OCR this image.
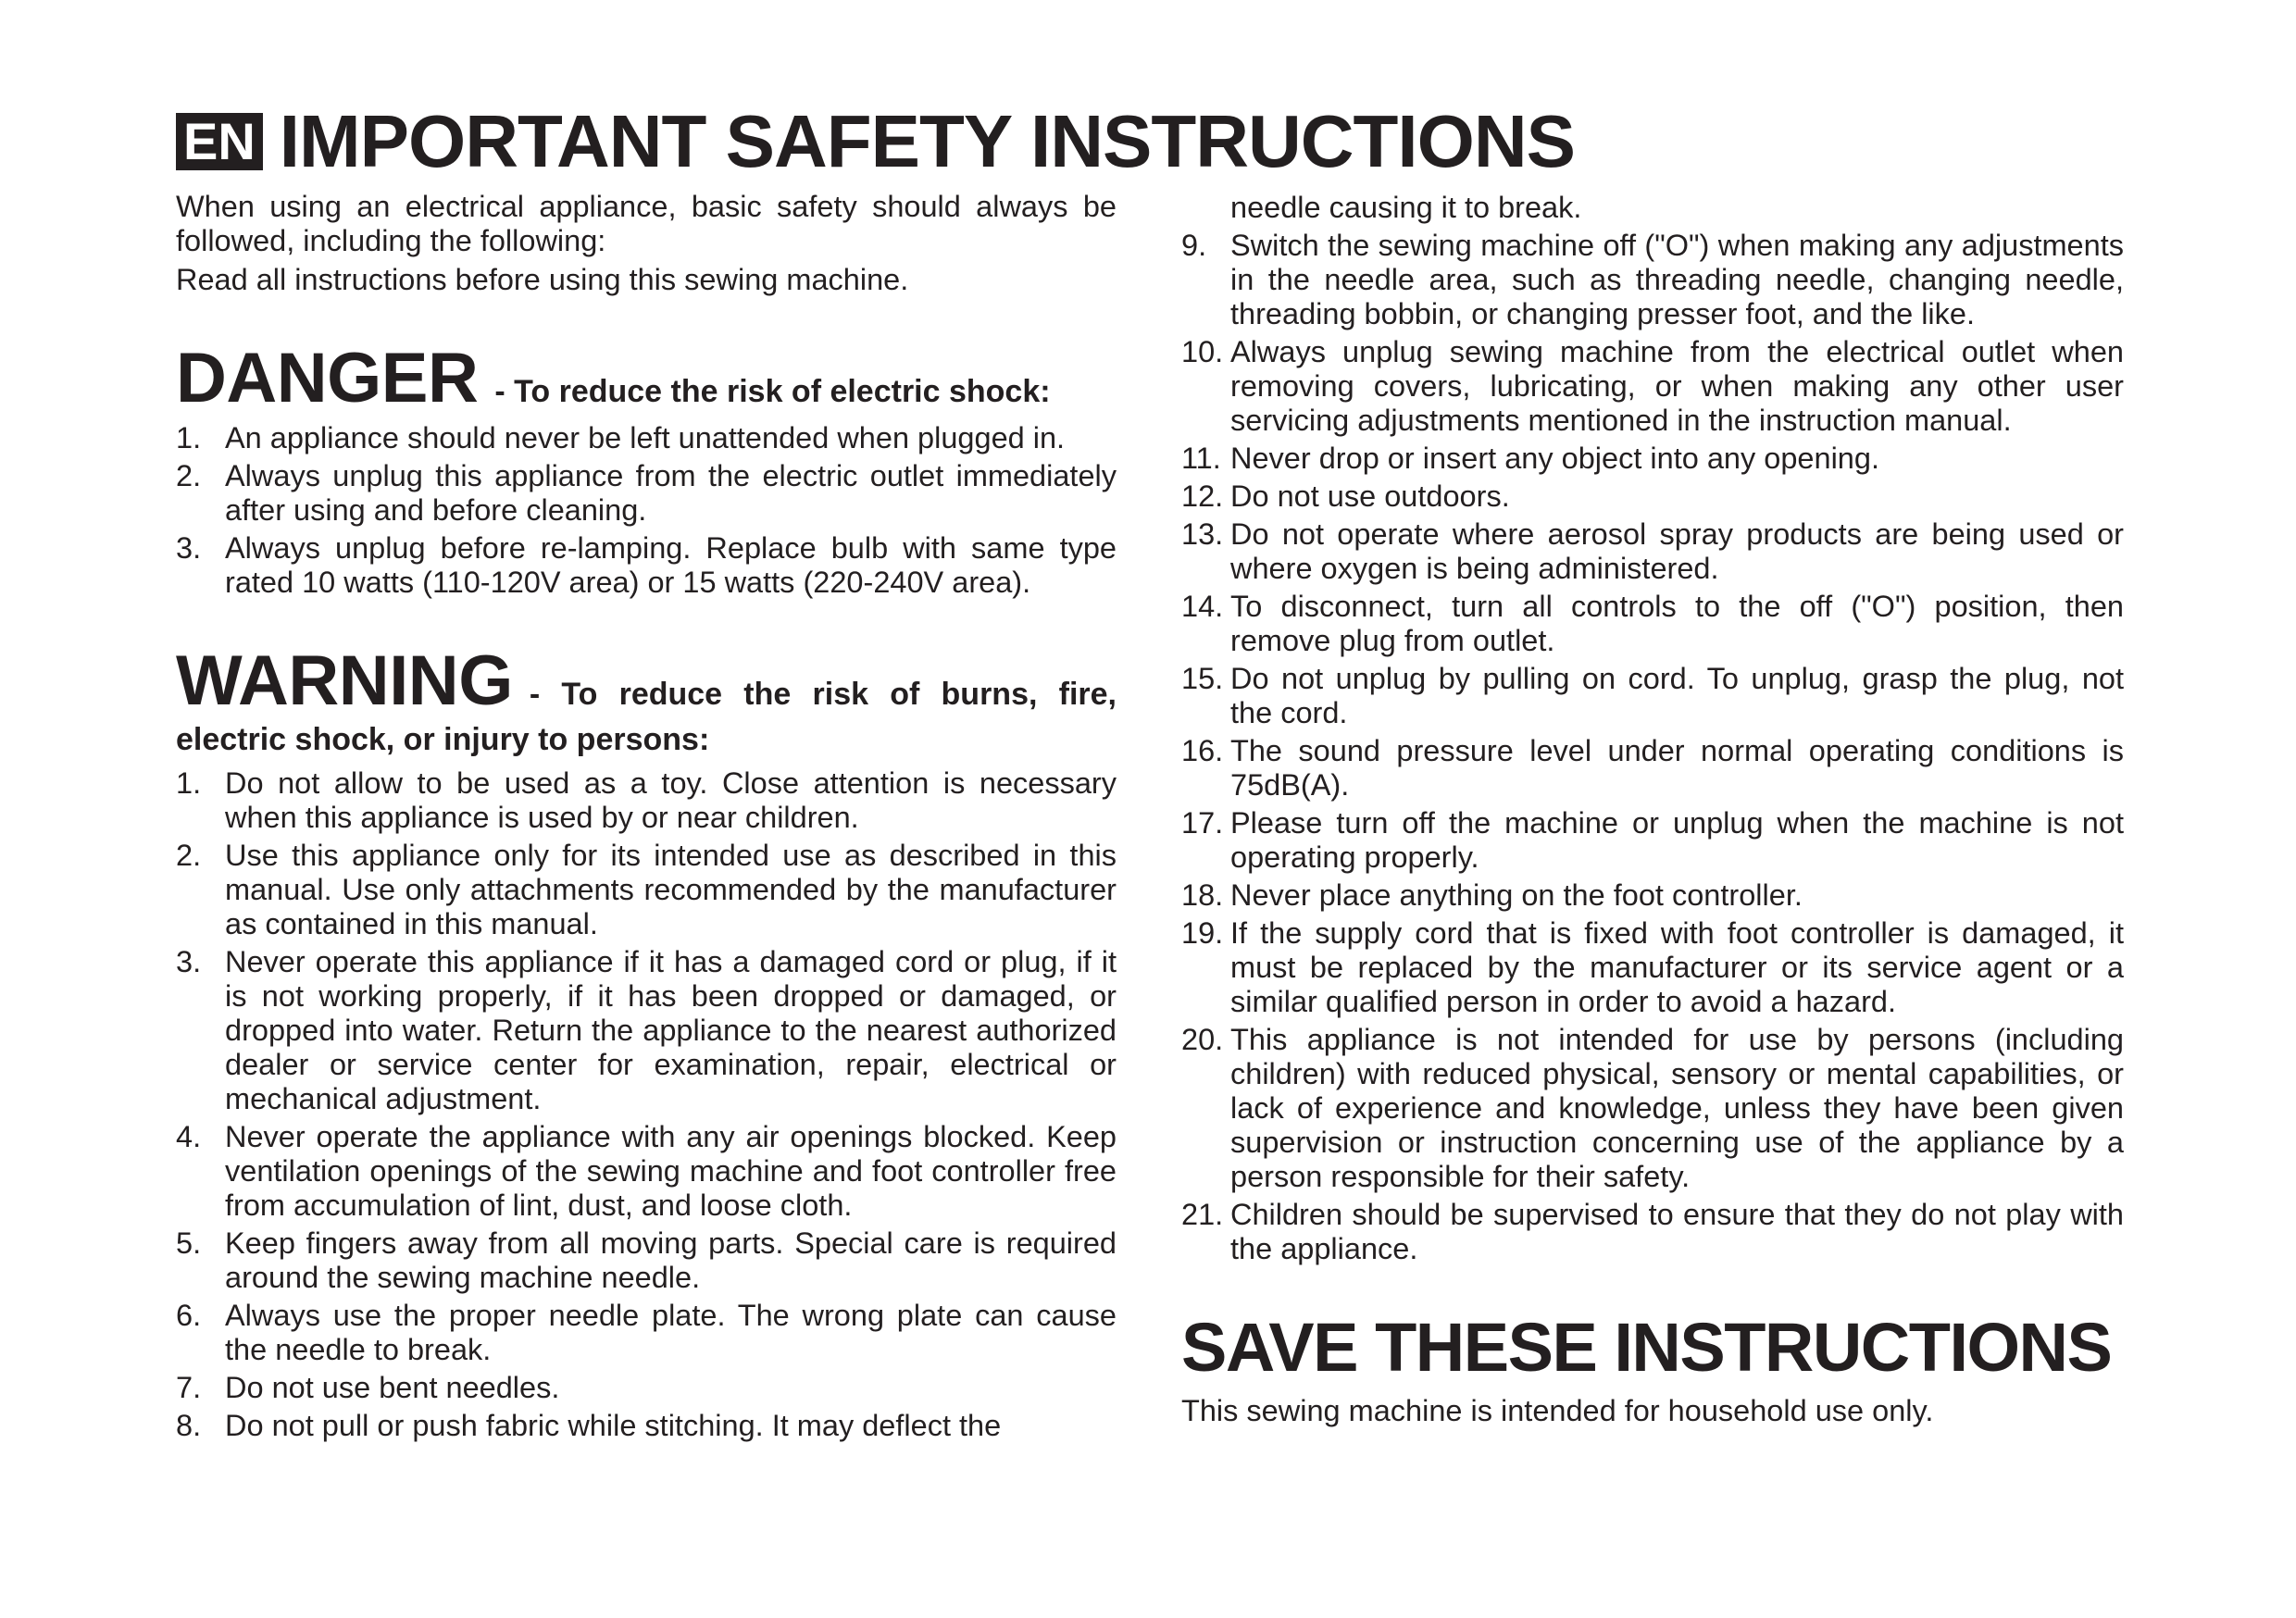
EN IMPORTANT SAFETY INSTRUCTIONS

When using an electrical appliance, basic safety should always be followed, including the following:

Read all instructions before using this sewing machine.

DANGER - To reduce the risk of electric shock:

1. An appliance should never be left unattended when plugged in.
2. Always unplug this appliance from the electric outlet immediately after using and before cleaning.
3. Always unplug before re-lamping. Replace bulb with same type rated 10 watts (110-120V area) or 15 watts (220-240V area).

WARNING - To reduce the risk of burns, fire, electric shock, or injury to persons:

1. Do not allow to be used as a toy. Close attention is necessary when this appliance is used by or near children.
2. Use this appliance only for its intended use as described in this manual. Use only attachments recommended by the manufacturer as contained in this manual.
3. Never operate this appliance if it has a damaged cord or plug, if it is not working properly, if it has been dropped or damaged, or dropped into water. Return the appliance to the nearest authorized dealer or service center for examination, repair, electrical or mechanical adjustment.
4. Never operate the appliance with any air openings blocked. Keep ventilation openings of the sewing machine and foot controller free from accumulation of lint, dust, and loose cloth.
5. Keep fingers away from all moving parts. Special care is required around the sewing machine needle.
6. Always use the proper needle plate. The wrong plate can cause the needle to break.
7. Do not use bent needles.
8. Do not pull or push fabric while stitching. It may deflect the

needle causing it to break.

9. Switch the sewing machine off ("O") when making any adjustments in the needle area, such as threading needle, changing needle, threading bobbin, or changing presser foot, and the like.
10. Always unplug sewing machine from the electrical outlet when removing covers, lubricating, or when making any other user servicing adjustments mentioned in the instruction manual.
11. Never drop or insert any object into any opening.
12. Do not use outdoors.
13. Do not operate where aerosol spray products are being used or where oxygen is being administered.
14. To disconnect, turn all controls to the off ("O") position, then remove plug from outlet.
15. Do not unplug by pulling on cord. To unplug, grasp the plug, not the cord.
16. The sound pressure level under normal operating conditions is 75dB(A).
17. Please turn off the machine or unplug when the machine is not operating properly.
18. Never place anything on the foot controller.
19. If the supply cord that is fixed with foot controller is damaged, it must be replaced by the manufacturer or its service agent or a similar qualified person in order to avoid a hazard.
20. This appliance is not intended for use by persons (including children) with reduced physical, sensory or mental capabilities, or lack of experience and knowledge, unless they have been given supervision or instruction concerning use of the appliance by a person responsible for their safety.
21. Children should be supervised to ensure that they do not play with the appliance.
SAVE THESE INSTRUCTIONS

This sewing machine is intended for household use only.
